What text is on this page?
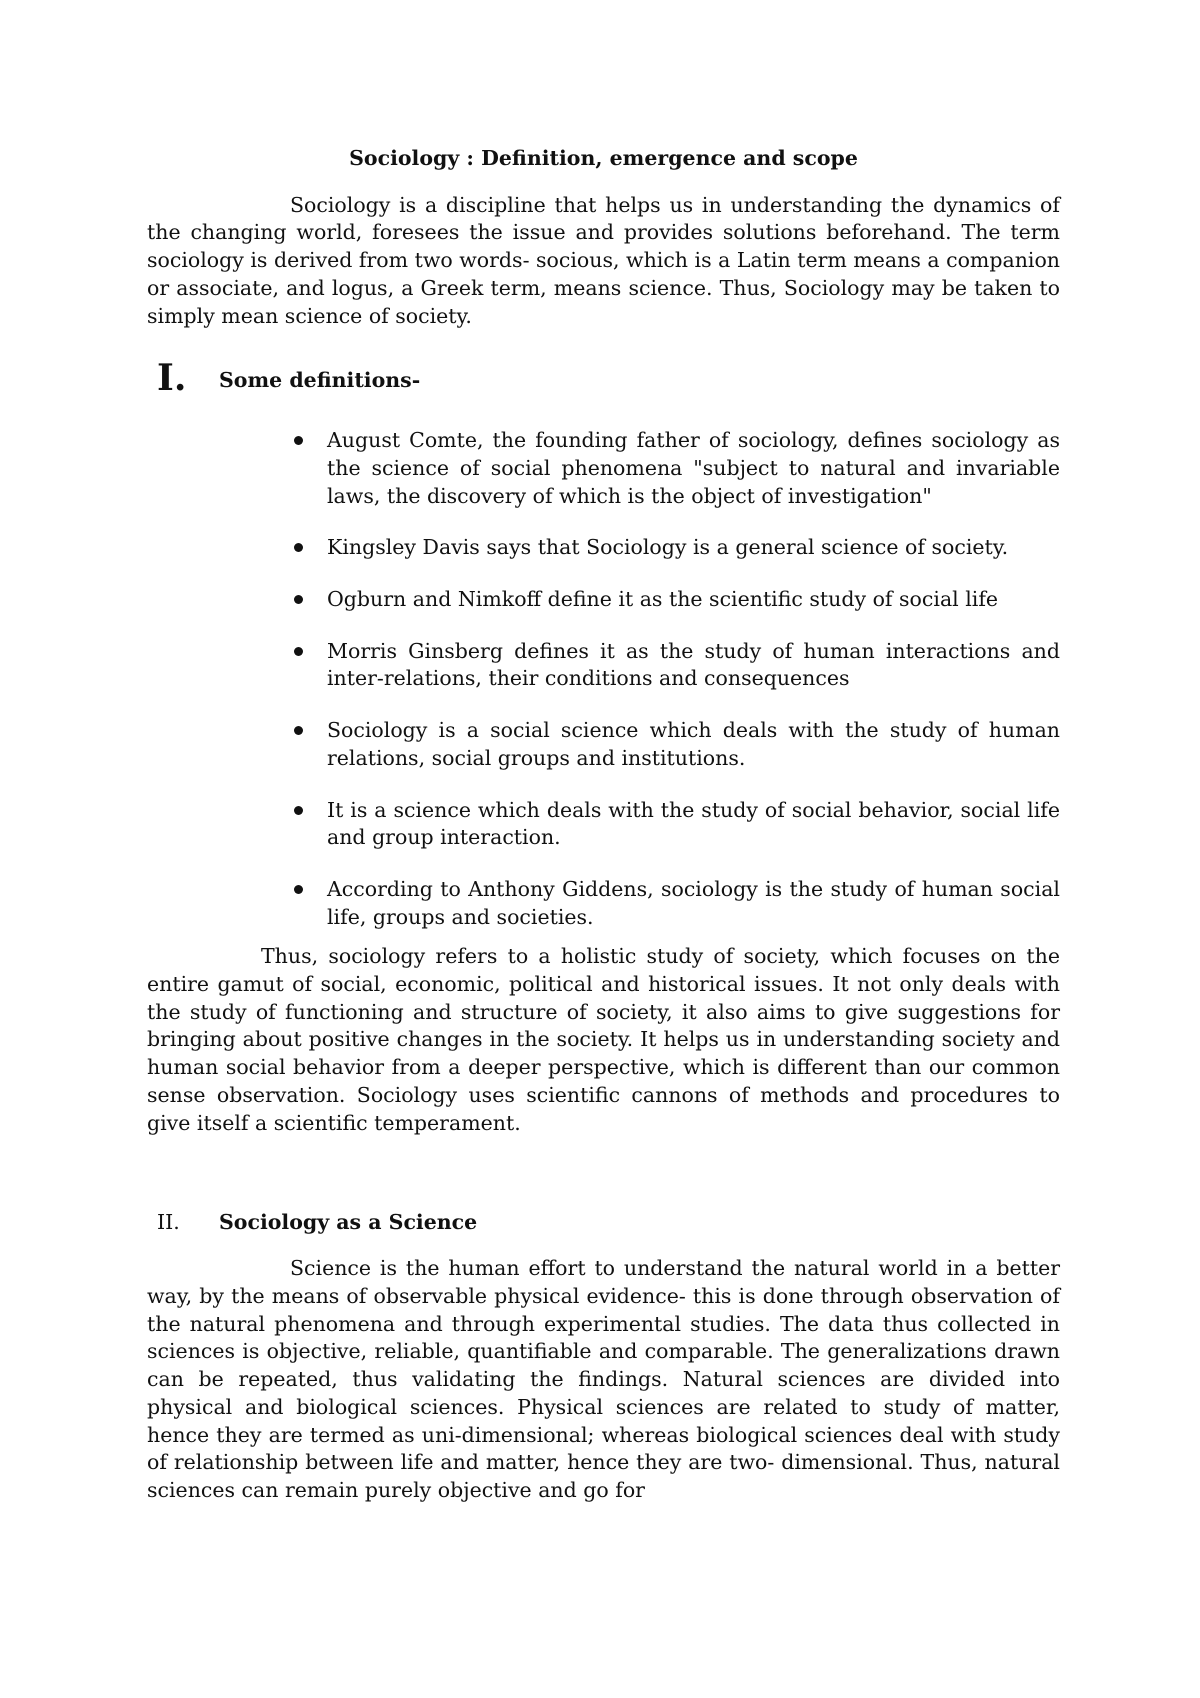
Sociology : Definition, emergence and scope

Sociology is a discipline that helps us in understanding the dynamics of the changing world, foresees the issue and provides solutions beforehand. The term sociology is derived from two words- socious, which is a Latin term means a companion or associate, and logus, a Greek term, means science. Thus, Sociology may be taken to simply mean science of society.

I. Some definitions-
August Comte, the founding father of sociology, defines sociology as the science of social phenomena "subject to natural and invariable laws, the discovery of which is the object of investigation"
Kingsley Davis says that Sociology is a general science of society.
Ogburn and Nimkoff define it as the scientific study of social life
Morris Ginsberg defines it as the study of human interactions and inter-relations, their conditions and consequences
Sociology is a social science which deals with the study of human relations, social groups and institutions.
It is a science which deals with the study of social behavior, social life and group interaction.
According to Anthony Giddens, sociology is the study of human social life, groups and societies.

Thus, sociology refers to a holistic study of society, which focuses on the entire gamut of social, economic, political and historical issues. It not only deals with the study of functioning and structure of society, it also aims to give suggestions for bringing about positive changes in the society. It helps us in understanding society and human social behavior from a deeper perspective, which is different than our common sense observation. Sociology uses scientific cannons of methods and procedures to give itself a scientific temperament.

II. Sociology as a Science

Science is the human effort to understand the natural world in a better way, by the means of observable physical evidence- this is done through observation of the natural phenomena and through experimental studies. The data thus collected in sciences is objective, reliable, quantifiable and comparable. The generalizations drawn can be repeated, thus validating the findings. Natural sciences are divided into physical and biological sciences. Physical sciences are related to study of matter, hence they are termed as uni-dimensional; whereas biological sciences deal with study of relationship between life and matter, hence they are two- dimensional. Thus, natural sciences can remain purely objective and go for
